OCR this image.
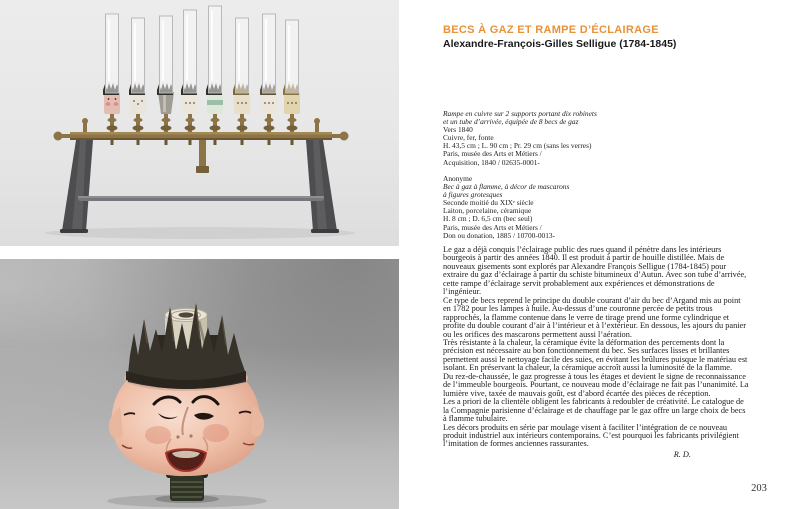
BECS À GAZ ET RAMPE D’ÉCLAIRAGE
Alexandre-François-Gilles Selligue (1784-1845)
Rampe en cuivre sur 2 supports portant dix robinets
et un tube d’arrivée, équipée de 8 becs de gaz
Vers 1840
Cuivre, fer, fonte
H. 43,5 cm ; L. 90 cm ; Pr. 29 cm (sans les verres)
Paris, musée des Arts et Métiers /
Acquisition, 1840 / 02635-0001-
Anonyme
Bec à gaz à flamme, à décor de mascarons
à figures grotesques
Seconde moitié du XIXᵉ siècle
Laiton, porcelaine, céramique
H. 8 cm ; D. 6,5 cm (bec seul)
Paris, musée des Arts et Métiers /
Don ou donation, 1885 / 10700-0013-

Le gaz a déjà conquis l’éclairage public des rues quand il pénètre dans les intérieurs bourgeois à partir des années 1840. Il est produit à partir de houille distillée. Mais de nouveaux gisements sont explorés par Alexandre François Selligue (1784-1845) pour extraire du gaz d’éclairage à partir du schiste bitumineux d’Autun. Avec son tube d’arrivée, cette rampe d’éclairage servit probablement aux expériences et démonstrations de l’ingénieur.

Ce type de becs reprend le principe du double courant d’air du bec d’Argand mis au point en 1782 pour les lampes à huile. Au-dessus d’une couronne percée de petits trous rapprochés, la flamme contenue dans le verre de tirage prend une forme cylindrique et profite du double courant d’air à l’intérieur et à l’extérieur. En dessous, les ajours du panier ou les orifices des mascarons permettent aussi l’aération.

Très résistante à la chaleur, la céramique évite la déformation des percements dont la précision est nécessaire au bon fonctionnement du bec. Ses surfaces lisses et brillantes permettent aussi le nettoyage facile des suies, en évitant les brûlures puisque le matériau est isolant. En préservant la chaleur, la céramique accroît aussi la luminosité de la flamme.

Du rez-de-chaussée, le gaz progresse à tous les étages et devient le signe de reconnaissance de l’immeuble bourgeois. Pourtant, ce nouveau mode d’éclairage ne fait pas l’unanimité. La lumière vive, taxée de mauvais goût, est d’abord écartée des pièces de réception.

Les a priori de la clientèle obligent les fabricants à redoubler de créativité. Le catalogue de la Compagnie parisienne d’éclairage et de chauffage par le gaz offre un large choix de becs à flamme tubulaire.

Les décors produits en série par moulage visent à faciliter l’intégration de ce nouveau produit industriel aux intérieurs contemporains. C’est pourquoi les fabricants privilégient l’imitation de formes anciennes rassurantes.

R. D.
203
